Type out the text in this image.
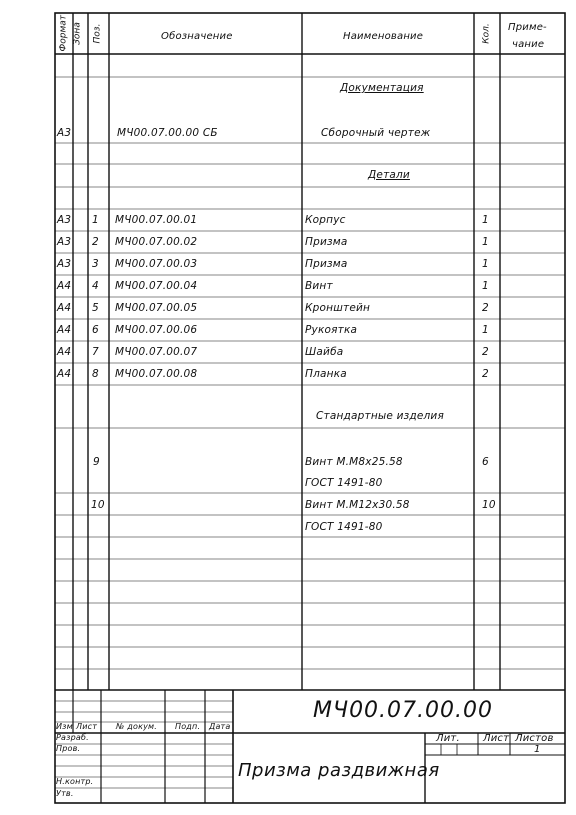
Формат Зона Поз.	Обозначение	Наименование	Кол. Приме-
чание
Документация
А3	МЧ00.07.00.00 СБ	Сборочный чертеж
Детали
А3 1 МЧ00.07.00.01	Корпус	1
А3 2 МЧ00.07.00.02	Призма	1
А3 3 МЧ00.07.00.03	Призма	1
А4 4 МЧ00.07.00.04	Винт	1
А4 5 МЧ00.07.00.05	Кронштейн	2
А4 6 МЧ00.07.00.06	Рукоятка	1
А4 7 МЧ00.07.00.07	Шайба	2
А4 8 МЧ00.07.00.08	Планка	2
Стандартные изделия
9	Винт М.М8х25.58	6
ГОСТ 1491-80
10	Винт М.М12х30.58	10
ГОСТ 1491-80
МЧ00.07.00.00
Изм Лист № докум. Подп. Дата
Разраб.
Пров.
Н.контр.
Утв.
Призма раздвижная
Лит. Лист Листов
1
